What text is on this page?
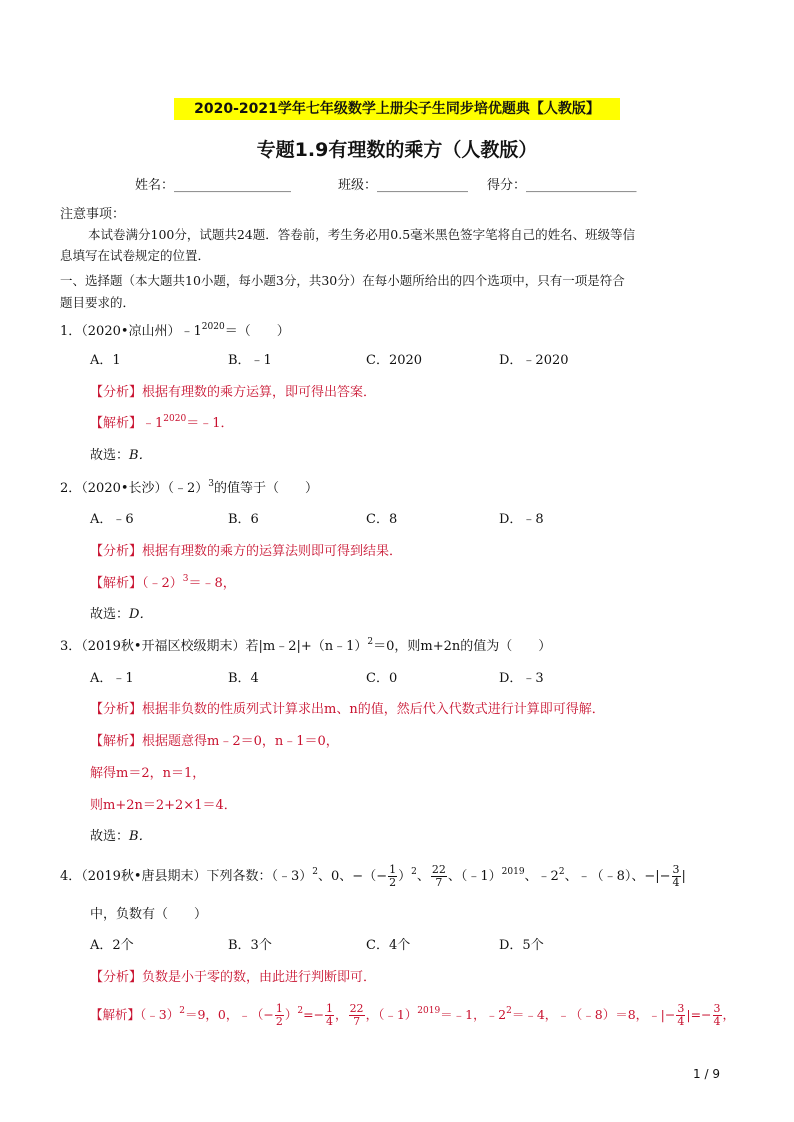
2020-2021学年七年级数学上册尖子生同步培优题典【人教版】
专题1.9有理数的乘方（人教版）
姓名：__________________	班级：______________ 得分：_________________
注意事项：
本试卷满分100分，试题共24题．答卷前，考生务必用0.5毫米黑色签字笔将自己的姓名、班级等信
息填写在试卷规定的位置．
一、选择题（本大题共10小题，每小题3分，共30分）在每小题所给出的四个选项中，只有一项是符合
题目要求的．
1．（2020•凉山州）$﹣1^{2020}=$（　　）
A．1	B．﹣1	C．2020	D．﹣2020
【分析】根据有理数的乘方运算，即可得出答案．
【解析】$﹣1^{2020}=﹣1$．
故选：B．
2．（2020•长沙）（﹣2）$^3$的值等于（　　）
A．﹣6	B．6	C．8	D．﹣8
【分析】根据有理数的乘方的运算法则即可得到结果．
【解析】（﹣2）$^3$＝﹣8，
故选：D．
3．（2019秋•开福区校级期末）若|m﹣2|+（n﹣1）$^2$＝0，则m+2n的值为（　　）
A．﹣1	B．4	C．0	D．﹣3
【分析】根据非负数的性质列式计算求出m、n的值，然后代入代数式进行计算即可得解．
【解析】根据题意得m﹣2＝0，n﹣1＝0，
解得m＝2，n＝1，
则m+2n＝2+2×1＝4．
故选：B．
4．（2019秋•唐县期末）下列各数：（﹣3）$^2$、0、−（− $\frac{1}{2} )^2$、 $\frac{22}{7}$ 、（﹣1）$^{2019}$、$﹣2^2$、﹣（﹣8）、−|− $\frac{3}{4}$ |
中，负数有（　　）
A．2个	B．3个	C．4个	D．5个
【分析】负数是小于零的数，由此进行判断即可．
【解析】（﹣3）$^2$＝9，0，﹣（− $\frac{1}{2} )^2=- \frac{1}{4}$ ， $\frac{22}{7}$ ，（﹣1）$^{2019}$＝﹣1，$﹣2^2=﹣4$，﹣（﹣8）＝8，﹣|− $\frac{3}{4}$ |=− $\frac{3}{4}$ ，
1 / 9
